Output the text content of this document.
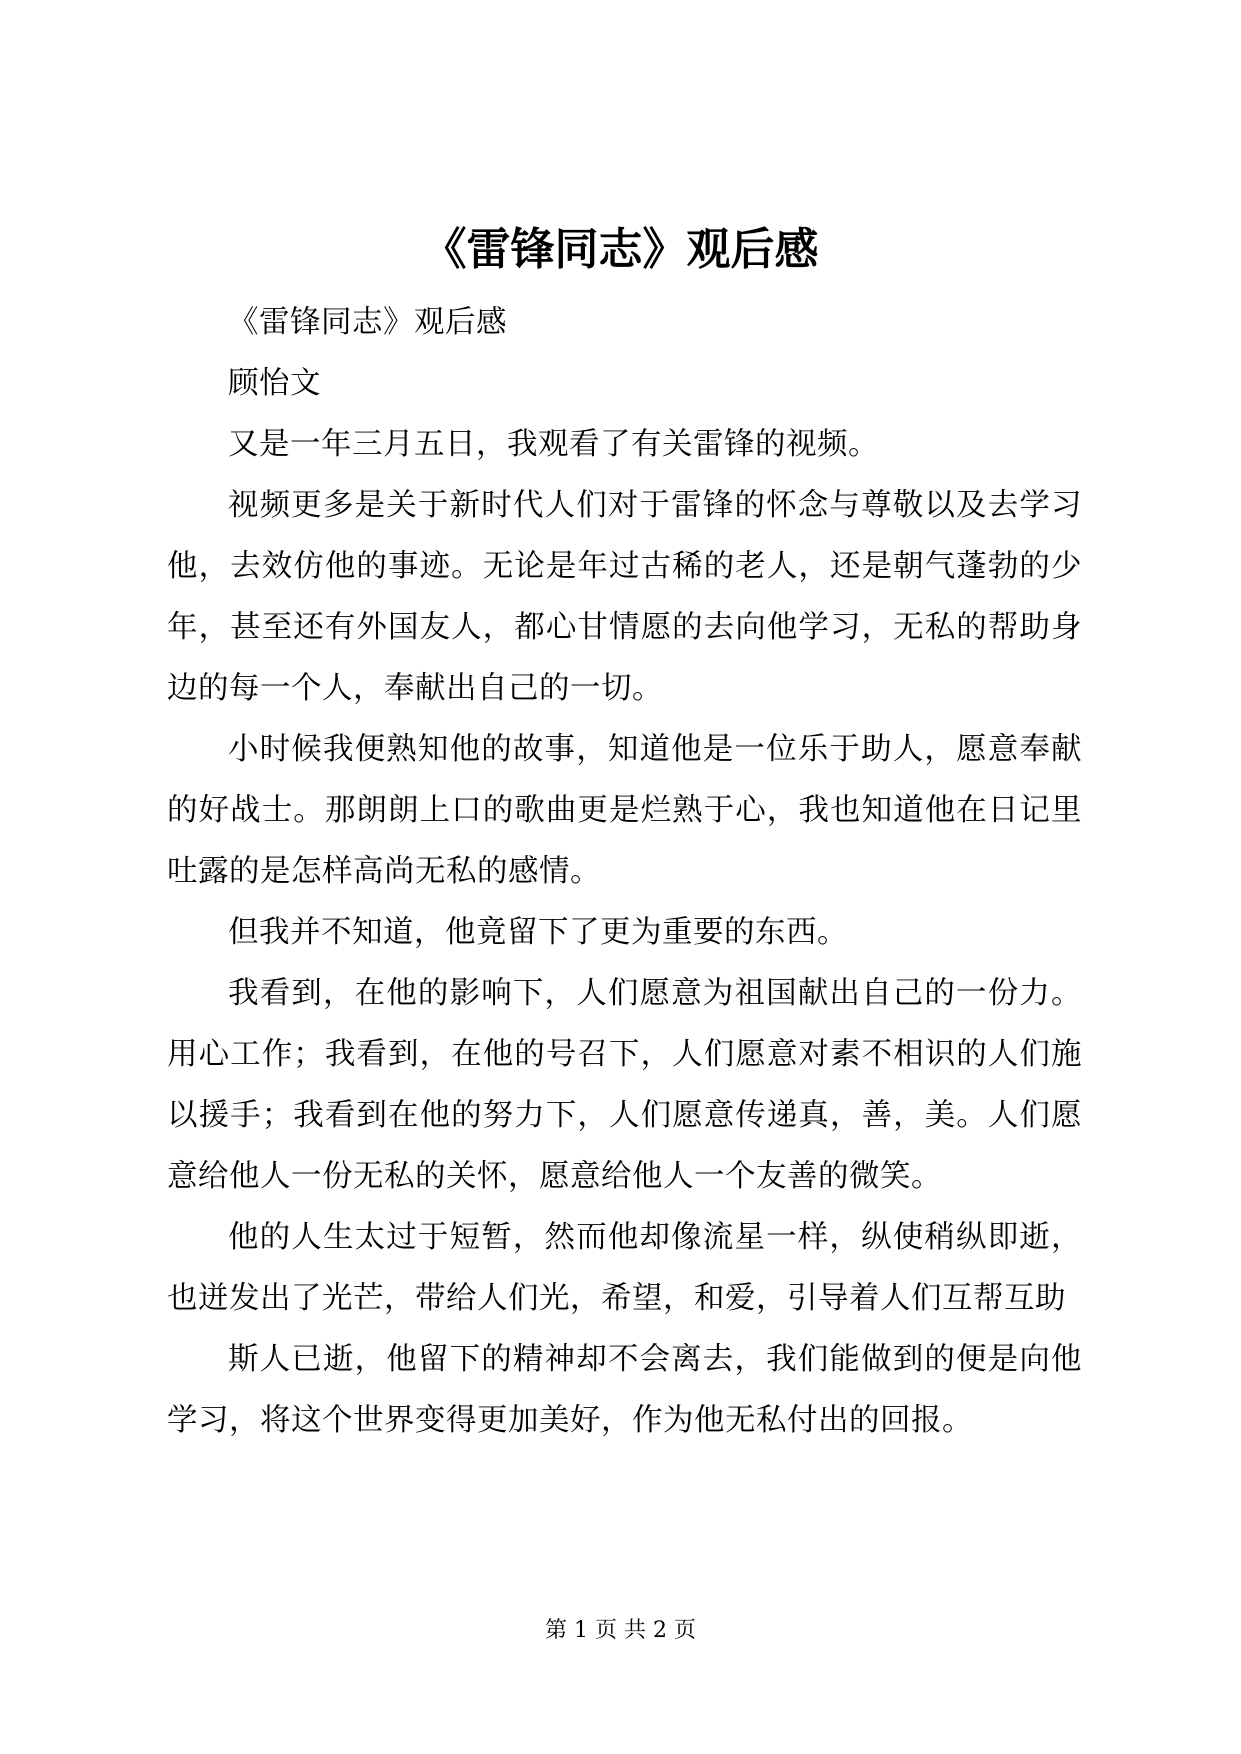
《雷锋同志》观后感

《雷锋同志》观后感

顾怡文

又是一年三月五日，我观看了有关雷锋的视频。

视频更多是关于新时代人们对于雷锋的怀念与尊敬以及去学习他，去效仿他的事迹。无论是年过古稀的老人，还是朝气蓬勃的少年，甚至还有外国友人，都心甘情愿的去向他学习，无私的帮助身边的每一个人，奉献出自己的一切。

小时候我便熟知他的故事，知道他是一位乐于助人，愿意奉献的好战士。那朗朗上口的歌曲更是烂熟于心，我也知道他在日记里吐露的是怎样高尚无私的感情。

但我并不知道，他竟留下了更为重要的东西。

我看到，在他的影响下，人们愿意为祖国献出自己的一份力。用心工作；我看到，在他的号召下，人们愿意对素不相识的人们施以援手；我看到在他的努力下，人们愿意传递真，善，美。人们愿意给他人一份无私的关怀，愿意给他人一个友善的微笑。

他的人生太过于短暂，然而他却像流星一样，纵使稍纵即逝，也迸发出了光芒，带给人们光，希望，和爱，引导着人们互帮互助

斯人已逝，他留下的精神却不会离去，我们能做到的便是向他学习，将这个世界变得更加美好，作为他无私付出的回报。

第 1 页 共 2 页
